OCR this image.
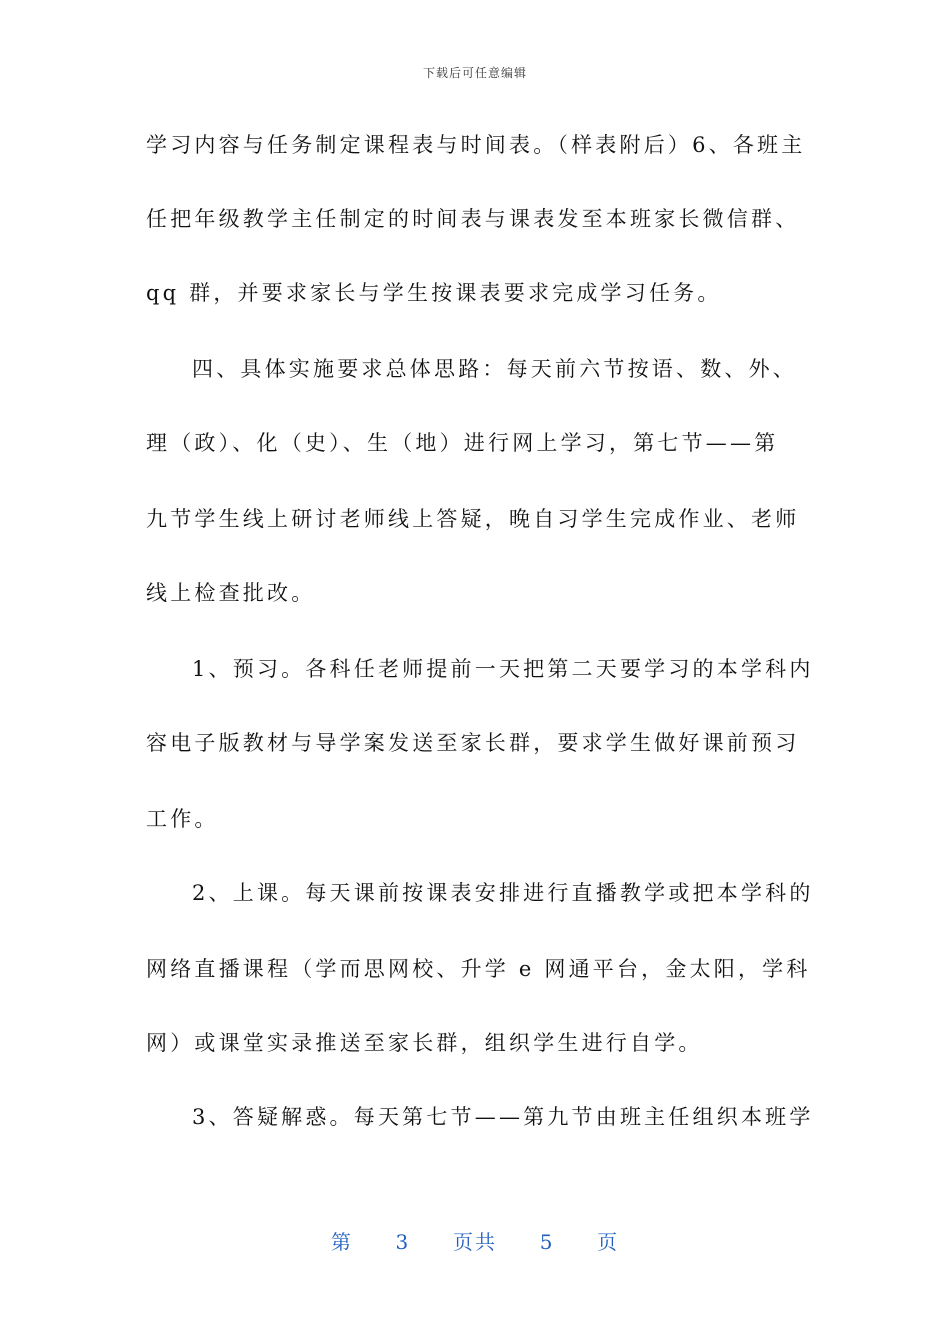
下载后可任意编辑
学习内容与任务制定课程表与时间表。（样表附后）6、各班主
任把年级教学主任制定的时间表与课表发至本班家长微信群、
qq 群，并要求家长与学生按课表要求完成学习任务。
四、具体实施要求总体思路：每天前六节按语、数、外、
理（政）、化（史）、生（地）进行网上学习，第七节——第
九节学生线上研讨老师线上答疑，晚自习学生完成作业、老师
线上检查批改。
1、预习。各科任老师提前一天把第二天要学习的本学科内
容电子版教材与导学案发送至家长群，要求学生做好课前预习
工作。
2、上课。每天课前按课表安排进行直播教学或把本学科的
网络直播课程（学而思网校、升学 e 网通平台，金太阳，学科
网）或课堂实录推送至家长群，组织学生进行自学。
3、答疑解惑。每天第七节——第九节由班主任组织本班学
第 3 页共 5 页
